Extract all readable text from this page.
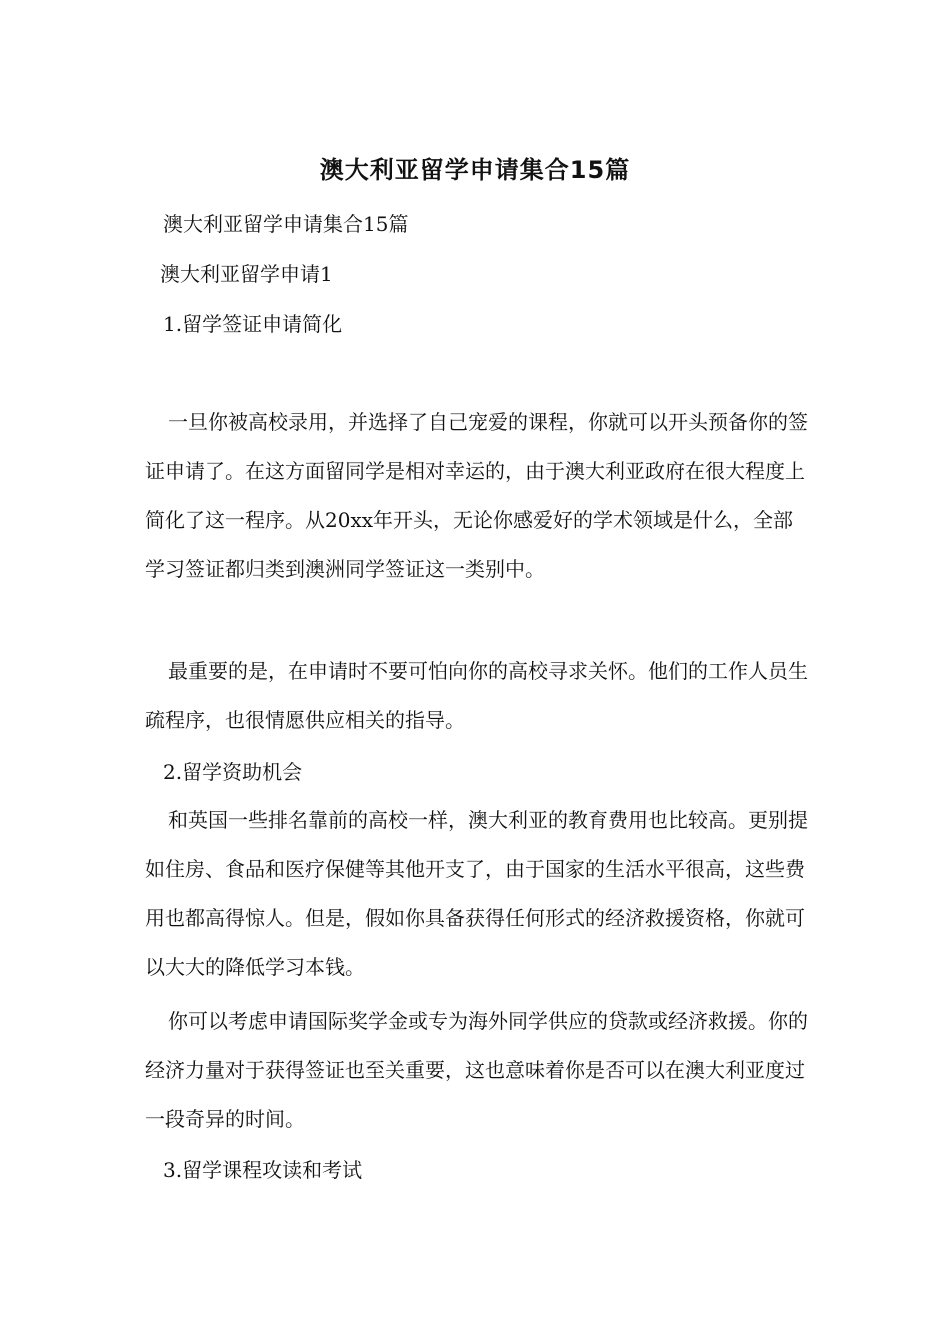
澳大利亚留学申请集合15篇
澳大利亚留学申请集合15篇
澳大利亚留学申请1
1.留学签证申请简化

一旦你被高校录用，并选择了自己宠爱的课程，你就可以开头预备你的签证申请了。在这方面留同学是相对幸运的，由于澳大利亚政府在很大程度上简化了这一程序。从20xx年开头，无论你感爱好的学术领域是什么，全部学习签证都归类到澳洲同学签证这一类别中。

最重要的是，在申请时不要可怕向你的高校寻求关怀。他们的工作人员生疏程序，也很情愿供应相关的指导。

2.留学资助机会

和英国一些排名靠前的高校一样，澳大利亚的教育费用也比较高。更别提如住房、食品和医疗保健等其他开支了，由于国家的生活水平很高，这些费用也都高得惊人。但是，假如你具备获得任何形式的经济救援资格，你就可以大大的降低学习本钱。

你可以考虑申请国际奖学金或专为海外同学供应的贷款或经济救援。你的经济力量对于获得签证也至关重要，这也意味着你是否可以在澳大利亚度过一段奇异的时间。

3.留学课程攻读和考试
